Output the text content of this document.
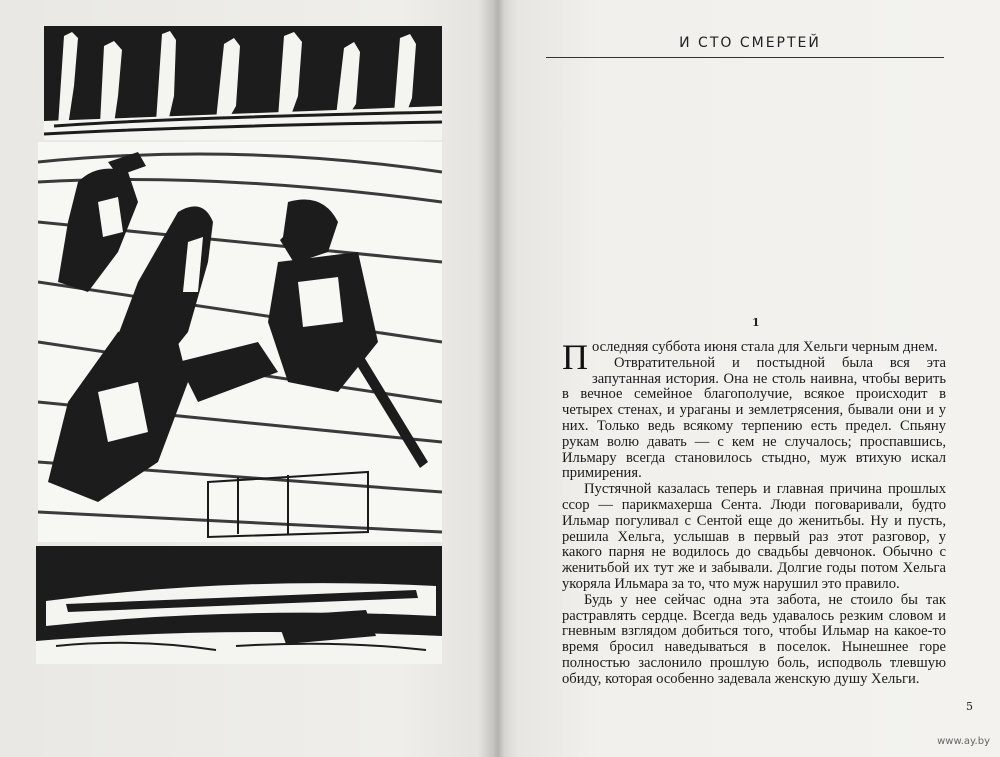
И СТО СМЕРТЕЙ
1

Последняя суббота июня стала для Хельги черным днем.

Отвратительной и постыдной была вся эта запутанная история. Она не столь наивна, чтобы верить в вечное семейное благополучие, всякое происходит в четырех стенах, и ураганы и землетрясения, бывали они и у них. Только ведь всякому терпению есть предел. Спьяну рукам волю давать — с кем не случалось; проспавшись, Ильмару всегда становилось стыдно, муж втихую искал примирения.

Пустячной казалась теперь и главная причина прошлых ссор — парикмахерша Сента. Люди поговаривали, будто Ильмар погуливал с Сентой еще до женитьбы. Ну и пусть, решила Хельга, услышав в первый раз этот разговор, у какого парня не водилось до свадьбы девчонок. Обычно с женитьбой их тут же и забывали. Долгие годы потом Хельга укоряла Ильмара за то, что муж нарушил это правило.

Будь у нее сейчас одна эта забота, не стоило бы так растравлять сердце. Всегда ведь удавалось резким словом и гневным взглядом добиться того, чтобы Ильмар на какое-то время бросил наведываться в поселок. Нынешнее горе полностью заслонило прошлую боль, исподволь тлевшую обиду, которая особенно задевала женскую душу Хельги.

5
www.ay.by
